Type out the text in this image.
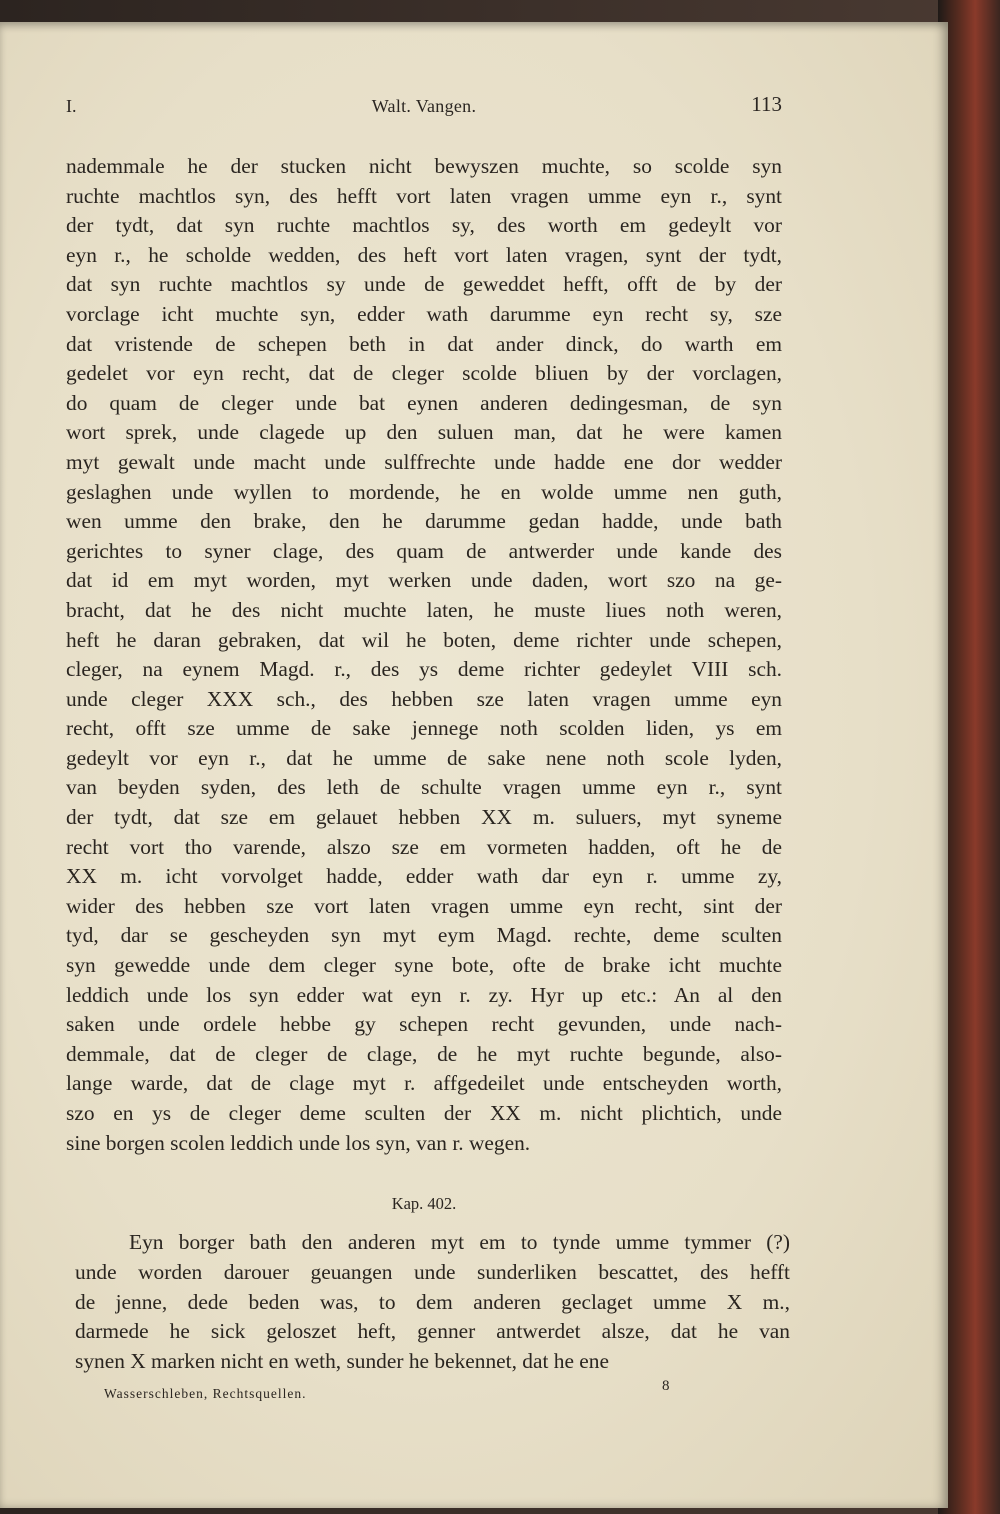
I.	Walt. Vangen.	113
nademmale he der stucken nicht bewyszen muchte, so scolde syn
ruchte machtlos syn, des hefft vort laten vragen umme eyn r., synt
der tydt, dat syn ruchte machtlos sy, des worth em gedeylt vor
eyn r., he scholde wedden, des heft vort laten vragen, synt der tydt,
dat syn ruchte machtlos sy unde de geweddet hefft, offt de by der
vorclage icht muchte syn, edder wath darumme eyn recht sy, sze
dat vristende de schepen beth in dat ander dinck, do warth em
gedelet vor eyn recht, dat de cleger scolde bliuen by der vorclagen,
do quam de cleger unde bat eynen anderen dedingesman, de syn
wort sprek, unde clagede up den suluen man, dat he were kamen
myt gewalt unde macht unde sulffrechte unde hadde ene dor wedder
geslaghen unde wyllen to mordende, he en wolde umme nen guth,
wen umme den brake, den he darumme gedan hadde, unde bath
gerichtes to syner clage, des quam de antwerder unde kande des
dat id em myt worden, myt werken unde daden, wort szo na ge-
bracht, dat he des nicht muchte laten, he muste liues noth weren,
heft he daran gebraken, dat wil he boten, deme richter unde schepen,
cleger, na eynem Magd. r., des ys deme richter gedeylet VIII sch.
unde cleger XXX sch., des hebben sze laten vragen umme eyn
recht, offt sze umme de sake jennege noth scolden liden, ys em
gedeylt vor eyn r., dat he umme de sake nene noth scole lyden,
van beyden syden, des leth de schulte vragen umme eyn r., synt
der tydt, dat sze em gelauet hebben XX m. suluers, myt syneme
recht vort tho varende, alszo sze em vormeten hadden, oft he de
XX m. icht vorvolget hadde, edder wath dar eyn r. umme zy,
wider des hebben sze vort laten vragen umme eyn recht, sint der
tyd, dar se gescheyden syn myt eym Magd. rechte, deme sculten
syn gewedde unde dem cleger syne bote, ofte de brake icht muchte
leddich unde los syn edder wat eyn r. zy. Hyr up etc.: An al den
saken unde ordele hebbe gy schepen recht gevunden, unde nach-
demmale, dat de cleger de clage, de he myt ruchte begunde, also-
lange warde, dat de clage myt r. affgedeilet unde entscheyden worth,
szo en ys de cleger deme sculten der XX m. nicht plichtich, unde
sine borgen scolen leddich unde los syn, van r. wegen.
Kap. 402.
Eyn borger bath den anderen myt em to tynde umme tymmer (?)
unde worden darouer geuangen unde sunderliken bescattet, des hefft
de jenne, dede beden was, to dem anderen geclaget umme X m.,
darmede he sick geloszet heft, genner antwerdet alsze, dat he van
synen X marken nicht en weth, sunder he bekennet, dat he ene
Wasserschleben, Rechtsquellen.	8
